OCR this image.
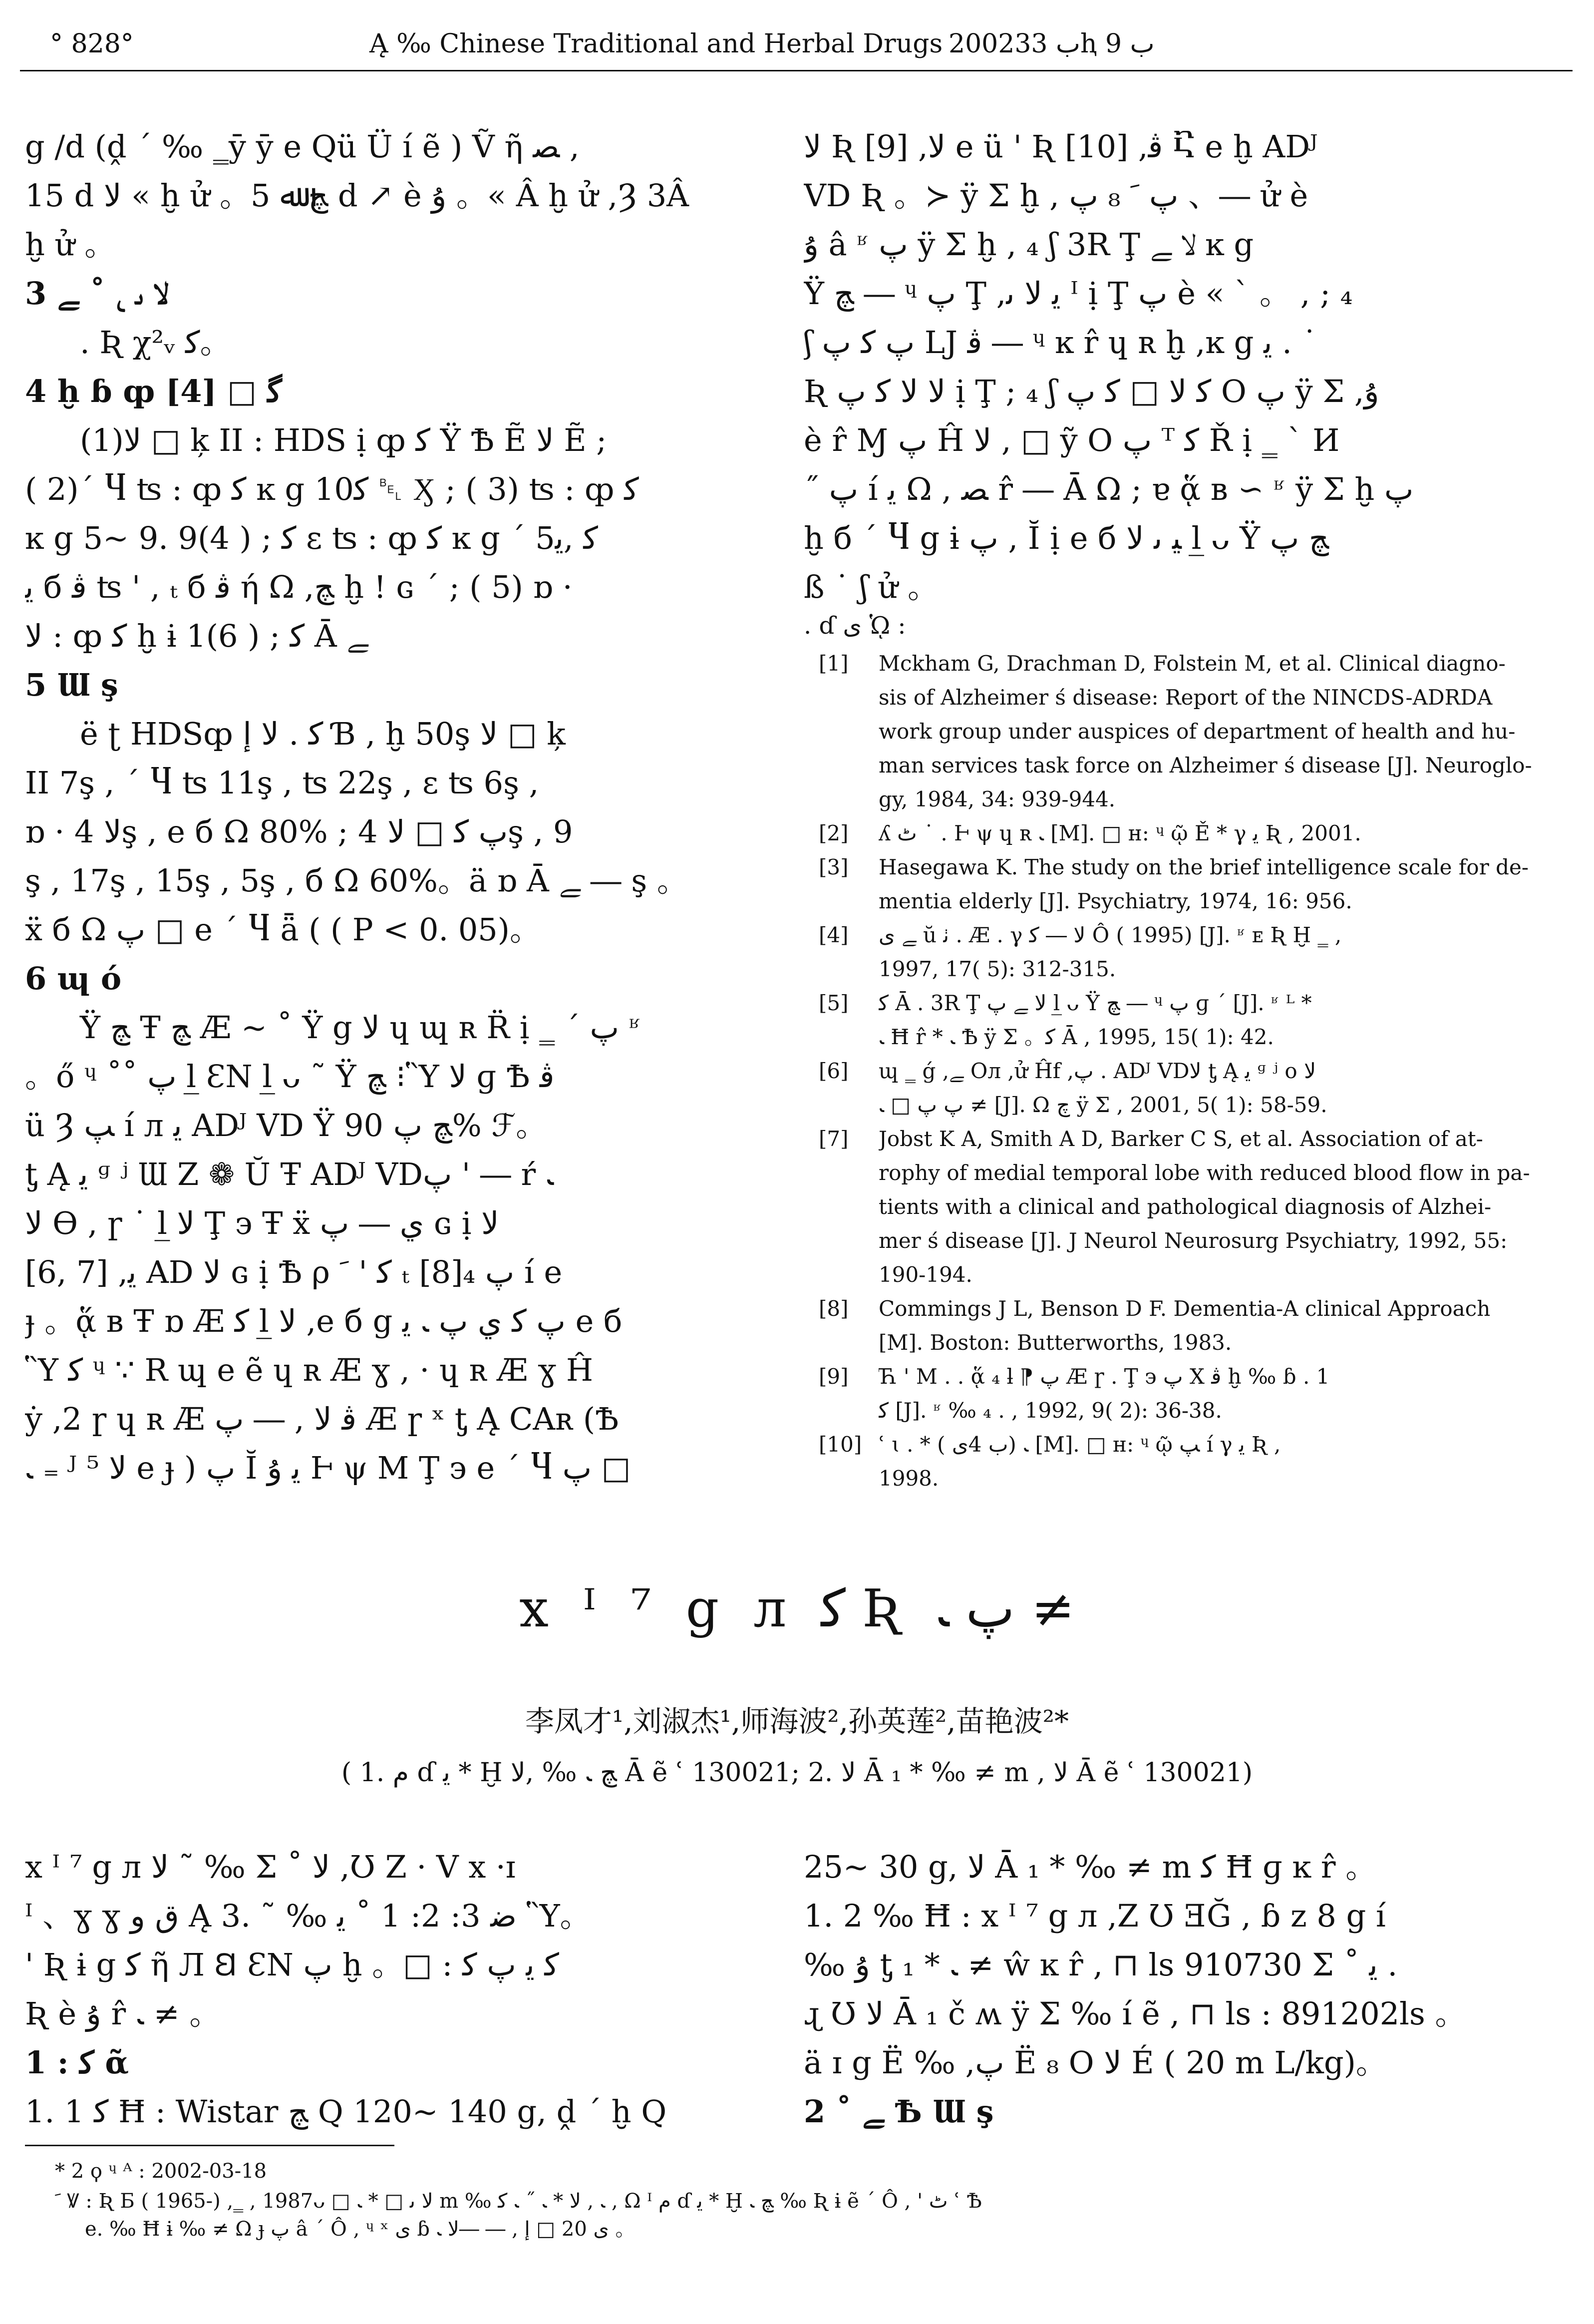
° 828°	Ą ‰ Chinese Traditional and Herbal Drugs 2002ب 33ⱨ ب 9
g /d (ḓ ´ ‰ ‗ȳ ȳ e Qü Ü í ẽ ) Ṽ ῆ ﺼ ,
15 d ﻻ « ḫ ử 。ﭻ ﷲ 5 d ↗ è ﯗ 。« Â ḫ ử ,Ȝ 3Â
ḫ ử 。
3 ﻻ ﯨ ﹳ ˚ ﮯ
. Ʀ χ²ᵥ ﮐ。
4 ḫ ɓ ȹ ﮔ □ [4]
(1)ﻻ □ ķ II : HDS ị ȹ ﮐ Ϋ Ѣ Ẽ ﻻ Ẽ ;
( 2)´ Ⴗ ʦ : ȹ ﮐ ĸ g 10ﮐ ␇ Ӽ ; ( 3) ʦ : ȹ ﮐ
ĸ g 5~ 9. 9ﮐ ; ( 4) ɛ ʦ : ȹ ﮐ ĸ g ´ 5ﮐ ,ﯾ
ﯾ б ﭬ ʦ ' , ₜ б ﭬ ή Ω ,ﭻ ḫ ! ɢ ´ ; ( 5) ɒ ·
ﻻ : ȹ ﮐ ḫ ɨ 1ﮐ ; ( 6) Ā ﮯ
5 Ɯ ş
ë ʈ HDSȹ ﮐ . ﻻ ﺇ Ɓ , ḫ 50ş ﻻ □ ķ
II 7ş , ´ Ⴗ ʦ 11ş , ʦ 22ş , ɛ ʦ 6ş ,
ɒ · ﻻ 4ş , e б Ω 80% ; ﭖ ﮐ □ ﻻ 4ş , 9
ş , 17ş , 15ş , 5ş , б Ω 60%。ä ɒ Ā ﮯ ― ş 。
ẍ б Ω ﭖ □ e ´ Ⴗ ǟ ( ( P < 0. 05)。
6 ɰ ó
Ÿ ﭻ Ŧ ﭻ Æ ~ ˚ Ÿ g ﻻ ɥ ɰ ʀ R̈ ị ‗ ´ ﭖ ʶ
。ő ᶣ ˚˚ ﭖ l̲ ƐN l̲ ᴗ ˜ Ÿ ﭻ ⁝Ὓ ﻻ ɡ Ѣ ﭬ
ü Ȝ ﭗ í л ﯾ ADᴶ VD Ÿ ﭻ ﭖ 90% ℱ。
ƫ Ą ﯾ ᶢ ʲ Ɯ Z ❁ Ŭ Ŧ ADᴶ VDﭖ ' ― ŕ ﹳ
ﻻ ϴ , ɼ ˙ l̲ ﻻ Ţ э Ŧ ẍ ﻱ ― ﭖ ɢ ị ﻻ
[6, 7] ,ﯾ AD ﻻ ɢ ị Ѣ ρ ﮐ ' ﹶ ₜ [8]ﭖ ₄ í e
ɟ 。ᾅ в Ŧ ɒ Æ ﮐ l̲ ﻻ ,e б g ﭖ ﮐ ﻱ ﭖ ﹳ ﯾ e б
Ὓ ﮐ ᶣ ∵ R ɰ e ẽ ɥ ʀ Æ ɣ , · ɥ ʀ Æ ɣ Ĥ
ẏ ,2 ɼ ɥ ʀ Æ ﭬ ﻻ , ― ﭖ Æ ɼ ˣ ƫ Ą CAʀ (Ѣ
ﹳ ₌ ᴶ ﻻ ⁵ e ɟ ) ﭖ Ĭ ﯾ ﯗ Ⱶ ψ M Ţ э e ´ Ⴗ ﭖ □
ﻻ Ʀ [9] ,ﻻ e ü ' Ʀ [10] ,ﭬ Ⴀ e ḫ ADᴶ
VD Ʀ 。≻ ÿ Σ ḫ , ﭖ ﹶ ₈ ﭖ 、― ử è
ﯗ â ʶ ﭖ ÿ Σ ḫ , ₄ ʃ 3R Ţ ﻻ ﮯ ĸ g
Ÿ ﭻ ― ᶣ ﭖ Ţ ,ﯾ ﻻ ﯨ ᴵ ị Ţ ﭖ è « ` 。 , ; ₄
ʃ ﭖ ﮐ ﭖ LJ ﭬ ― ᶣ ĸ r̂ ɥ ʀ ḫ ,ĸ g ﯾ . ˙
Ʀ ﻻ ﻻ ﮐ ﭖ ị Ţ ; ₄ ʃ ﮐ ﻻ □ ﮐ ﭖ O ﭖ ÿ Σ ,ﯗ
è r̂ Ɱ ﭖ Ĥ ﻻ , □ ỹ O ﭖ ᵀ ﮐ Ř ị ‗ ` И
˝ ﭖ í ﯾ Ω , ﺼ r̂ ― Ā Ω ; ɐ ᾅ в ∽ ʶ ÿ Σ ḫ ﭖ
ḫ б ´ Ⴗ g ɨ ﭖ , Ĭ ị e б ﯿ ﯨ ﻻ l̲ ᴗ Ÿ ﭻ ﭖ
ß ˙ ʃ ử 。
. ɗ ﯼ ᾩ :
[1]	Mckham G, Drachman D, Folstein M, et al. Clinical diagno-
sis of Alzheimer ś disease: Report of the NINCDS-ADRDA
work group under auspices of department of health and hu-
man services task force on Alzheimer ś disease [J]. Neuroglo-
gy, 1984, 34: 939-944.
[2]	ʎ ﭦ ˙ . Ⱶ ψ ɥ ʀ ﹳ [M]. □ ʜ: ᶣ ῷ Ě * γ ﯾ Ʀ , 2001.
[3]	Hasegawa K. The study on the brief intelligence scale for de-
mentia elderly [J]. Psychiatry, 1974, 16: 956.
[4]	ﮯ ﻯ ŭ ﭠ . Æ . γ ﻻ ― ﮐ Ô ( 1995) [J]. ʶ ᴇ Ʀ Ḫ ‗ ,
1997, 17( 5): 312-315.
[5]	ﮐ Ā . 3R Ţ ﻻ ﮯ ﭖ l̲ ᴗ Ÿ ﭻ ― ᶣ ﭖ ɡ ´ [J]. ʶ ᴸ *
ﹳ Ħ r̂ * ﹳ Ѣ ÿ Σ 。ﮐ Ā , 1995, 15( 1): 42.
[6]	ɰ ‗ ǵ ,ﮯ Oл ,ử Ĥf ,ﭖ . ADᴶ VDﻻ ƫ Ą ﯾ ᶢ ʲ o ﻻ
ﭖ ﭖ □ ﹳ ≠ [J]. Ω ﭺ ÿ Σ , 2001, 5( 1): 58-59.
[7]	Jobst K A, Smith A D, Barker C S, et al. Association of at-
rophy of medial temporal lobe with reduced blood flow in pa-
tients with a clinical and pathological diagnosis of Alzhei-
mer ś disease [J]. J Neurol Neurosurg Psychiatry, 1992, 55:
190-194.
[8]	Commings J L, Benson D F. Dementia-A clinical Approach
[M]. Boston: Butterworths, 1983.
[9]	Ћ ' M . . ᾅ ₄ ƚ ⁋ ﭖ Æ ɼ . Ţ э ﭖ X ﭬ ḫ ‰ ɓ . 1
ﮐ [J]. ʶ ‰ ₄ . , 1992, 9( 2): 36-38.
[10] ʿ ɩ . * ﹳ (ب 4ﯼ ) [M]. □ ʜ: ᶣ ῷ ﭗ í γ ﯾ Ʀ ,
1998.
x ᴵ ⁷ g л ﮐ Ʀ ﭖ ﹳ ≠
李凤才¹,刘淑杰¹,师海波²,孙英莲²,苗艳波²*
( 1. ﻡ ɗ ﯾ * Ḫ ﭻ ﹳ ‰ ,ﻻ Ā ẽ ʿ 130021; 2. ﻻ Ā ₁ * ‰ ≠ m , ﻻ Ā ẽ ʿ 130021)
x ᴵ ⁷ g л ﻻ ˜ ‰ Σ ˚ ﻻ ,Ʊ Z · V x ·ɪ
ᴵ 、ɣ ɣ ق ﻭ Ą 3. ˜ ‰ ﺿ 3: 2: 1 ˚ ﯾ Ὓ。
' Ʀ ɨ g ﮐ ῆ Л Ꞛ ƐN ﭖ ḫ 。□ : ﮐ ﯾ ﭖ ﮐ
Ʀ è ﯗ r̂ ﹳ ≠ 。
1 : ﮐ ᾶ
1. 1 ﮐ Ħ : Wistar ﭻ Q 120~ 140 g, ḓ ´ ḫ Q
25~ 30 g, ﻻ Ā ₁ * ‰ ≠ m ﮐ Ħ ɡ ĸ r̂ 。
1. 2 ‰ Ħ : x ᴵ ⁷ g л ,Z Ʊ ƎĞ , ɓ z 8 g í
‰ ﯗ ƫ ₁ * ﹳ ≠ ŵ ĸ r̂ , ⊓ ls 910730 Σ ˚ ﯾ .
ɻ Ʊ ﻻ Ā ₁ č ʍ ÿ Σ ‰ í ẽ , ⊓ ls : 891202ls 。
ä ɪ g Ë ‰ ,ﭖ Ë ₈ O ﻻ É ( 20 m L/kg)。
2 ˚ ﮯ Ѣ Ɯ ş
* 2 ϙ ᶣ ᴬ : 2002-03-18
ﹶ Ꝟ : Ʀ Ƃ ( 1965-) ,‗ , 1987ᴗ □ ﻻ ﯨ □ * ﹳ m ‰ ﹳ , ﻻ * ﹳ ˝ ﹳ ﮐ , Ω ᴵ ﻡ ɗ ﯾ * Ḫ ﭻ ﹳ ‰ Ʀ ɨ ẽ ´ Ô , ' ﭦ ʿ Ѣ
e. ‰ Ħ ɨ ‰ ≠ Ω ɟ ﭖ â ´ Ô , ᶣ ˣ ﯼ ɓ ﯼ 20 □ ﺇ , ― ―ﻻ ﹳ 。
